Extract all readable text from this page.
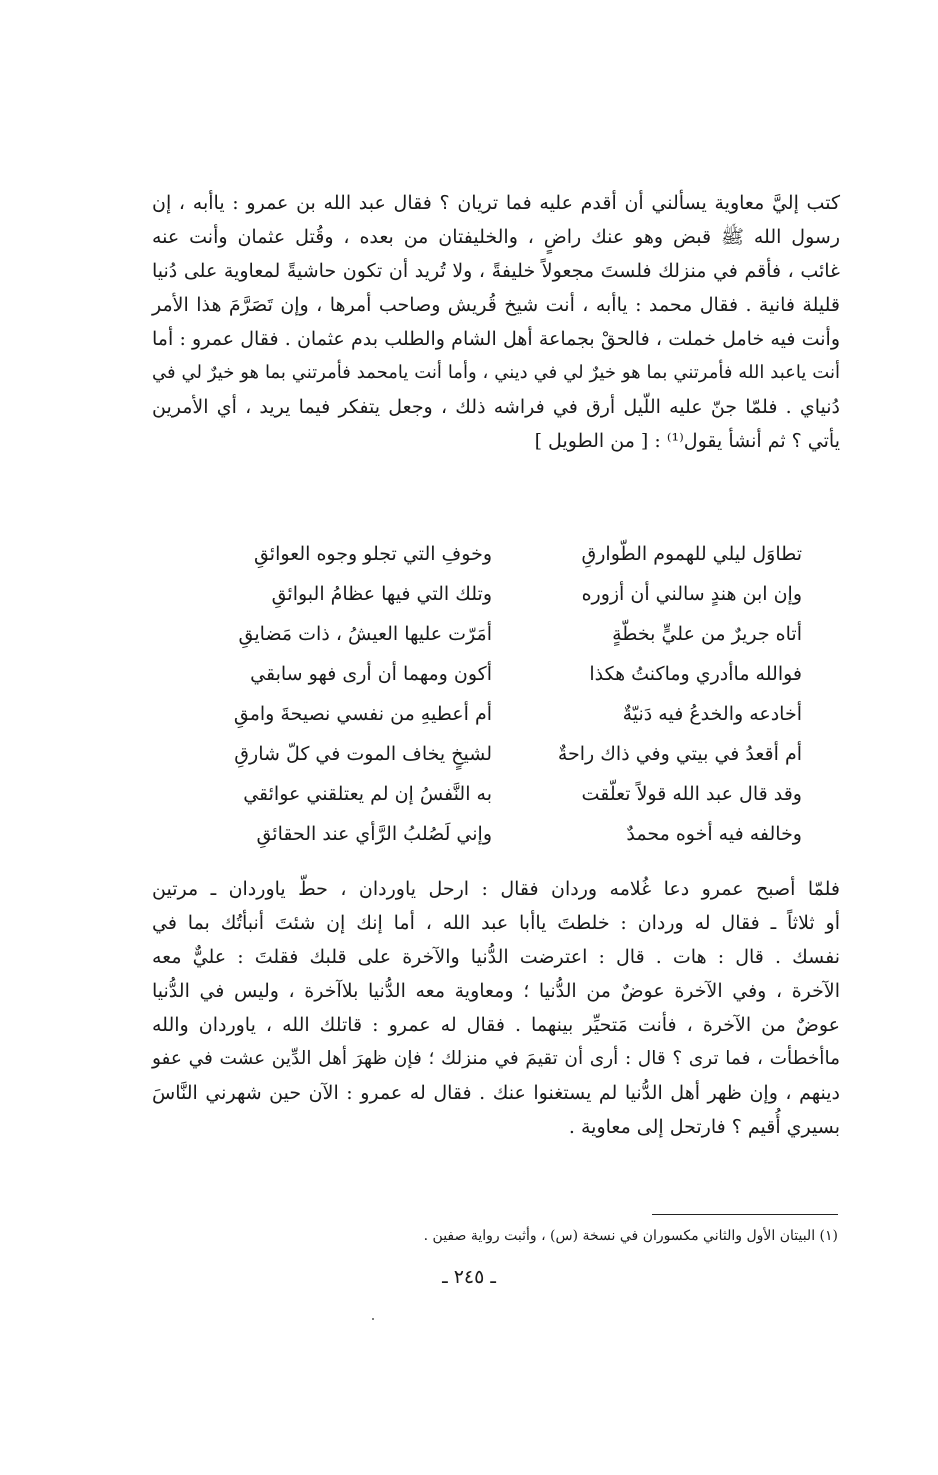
كتب إليَّ معاوية يسألني أن أقدم عليه فما تريان ؟ فقال عبد الله بن عمرو : ياأبه ، إن
رسول الله ﷺ قبض وهو عنك راضٍ ، والخليفتان من بعده ، وقُتل عثمان وأنت عنه
غائب ، فأقم في منزلك فلستَ مجعولاً خليفةً ، ولا تُريد أن تكون حاشيةً لمعاوية على دُنيا
قليلة فانية . فقال محمد : ياأبه ، أنت شيخ قُريش وصاحب أمرها ، وإن تَصَرَّمَ هذا الأمر
وأنت فيه خامل خملت ، فالحقْ بجماعة أهل الشام والطلب بدم عثمان . فقال عمرو : أما
أنت ياعبد الله فأمرتني بما هو خيرٌ لي في ديني ، وأما أنت يامحمد فأمرتني بما هو خيرٌ لي في
دُنياي . فلمّا جنّ عليه اللّيل أرق في فراشه ذلك ، وجعل يتفكر فيما يريد ، أي الأمرين
يأتي ؟ ثم أنشأ يقول⁽¹⁾ : [ من الطويل ]
تطاوَل ليلي للهموم الطّوارقِ
وخوفِ التي تجلو وجوه العوائقِ
وإن ابن هندٍ سالني أن أزوره
وتلك التي فيها عظامُ البوائقِ
أتاه جريرٌ من عليٍّ بخطّةٍ
أمَرّت عليها العيشُ ، ذات مَضايقِ
فوالله ماأدري وماكنتُ هكذا
أكون ومهما أن أرى فهو سابقي
أخادعه والخدعُ فيه دَنيّةٌ
أم أعطيهِ من نفسي نصيحةَ وامقِ
أم أقعدُ في بيتي وفي ذاك راحةٌ
لشيخٍ يخاف الموت في كلّ شارقِ
وقد قال عبد الله قولاً تعلّقت
به النَّفسُ إن لم يعتلقني عوائقي
وخالفه فيه أخوه محمدٌ
وإني لَصُلبُ الرَّأي عند الحقائقِ
فلمّا أصبح عمرو دعا غُلامه وردان فقال : ارحل ياوردان ، حطّ ياوردان ـ مرتين
أو ثلاثاً ـ فقال له وردان : خلطتَ ياأبا عبد الله ، أما إنك إن شئتَ أنبأتُك بما في
نفسك . قال : هات . قال : اعترضت الدُّنيا والآخرة على قلبك فقلتَ : عليٌّ معه
الآخرة ، وفي الآخرة عوضٌ من الدُّنيا ؛ ومعاوية معه الدُّنيا بلاآخرة ، وليس في الدُّنيا
عوضٌ من الآخرة ، فأنت مَتحيِّر بينهما . فقال له عمرو : قاتلك الله ، ياوردان والله
ماأخطأت ، فما ترى ؟ قال : أرى أن تقيمَ في منزلك ؛ فإن ظهرَ أهل الدِّين عشت في عفو
دينهم ، وإن ظهر أهل الدُّنيا لم يستغنوا عنك . فقال له عمرو : الآن حين شهرني النَّاسَ
بسيري أُقيم ؟ فارتحل إلى معاوية .
(١) البيتان الأول والثاني مكسوران في نسخة (س) ، وأثبت رواية صفين .
ـ ٢٤٥ ـ
